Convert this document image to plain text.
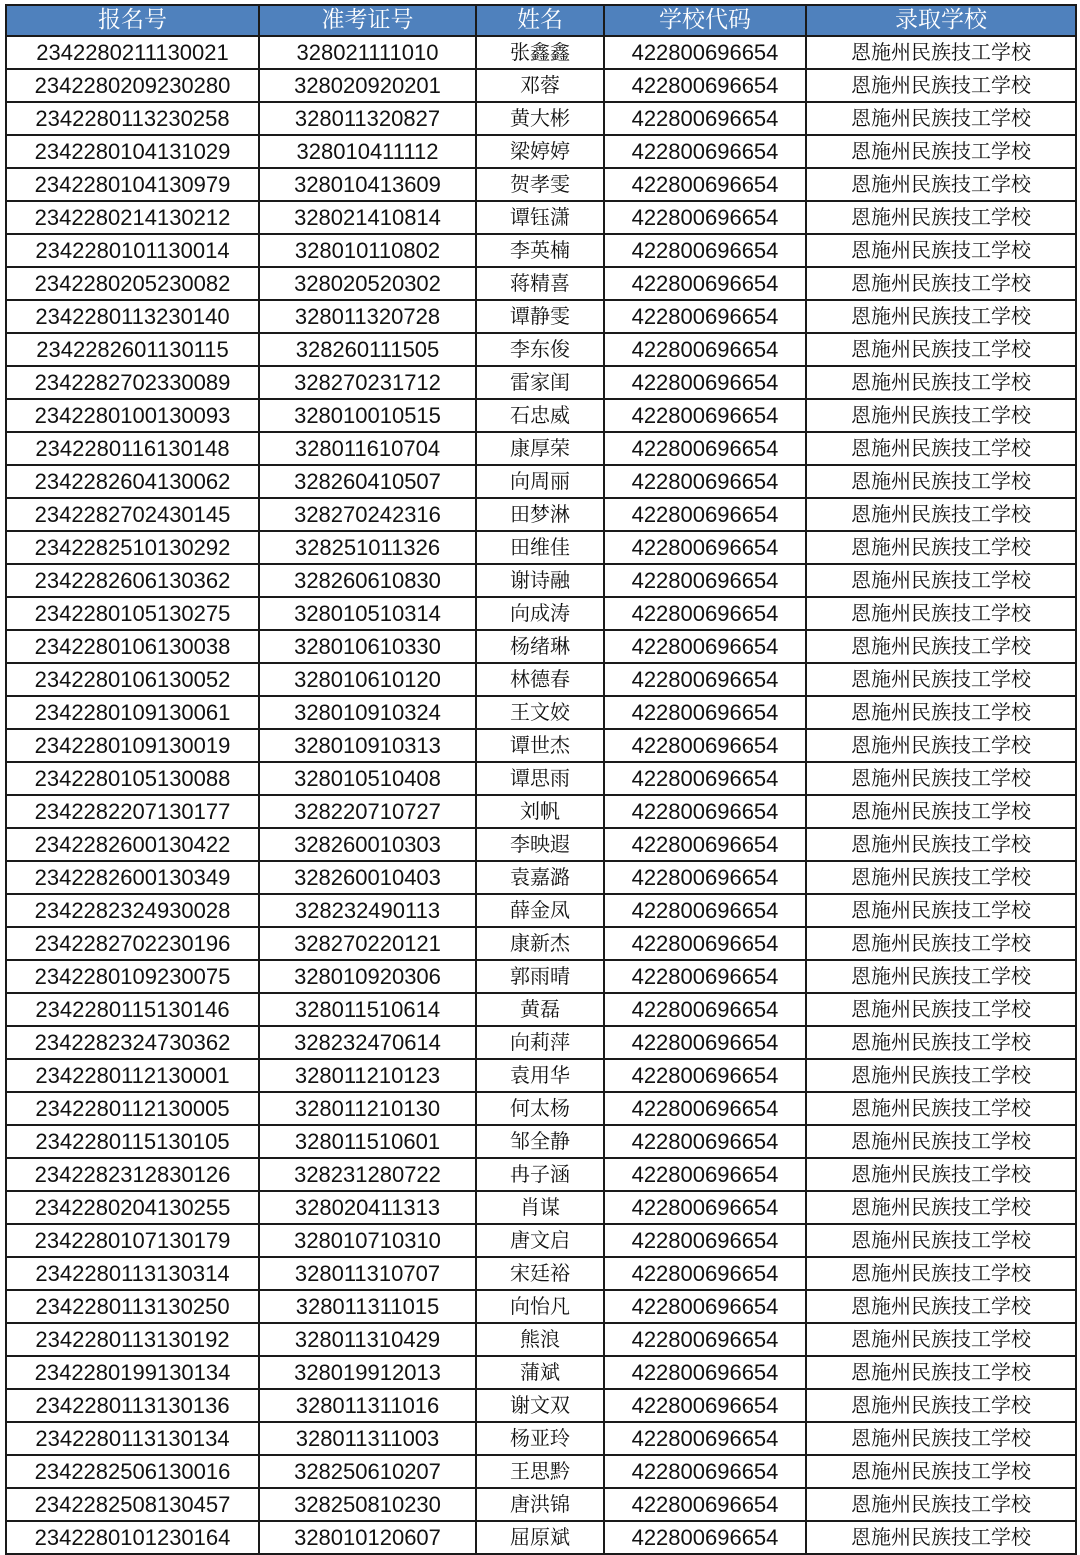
报名号	准考证号	姓名	学校代码	录取学校
2342280211130021	328021111010	张鑫鑫	422800696654	恩施州民族技工学校
2342280209230280	328020920201	邓蓉	422800696654	恩施州民族技工学校
2342280113230258	328011320827	黄大彬	422800696654	恩施州民族技工学校
2342280104131029	328010411112	梁婷婷	422800696654	恩施州民族技工学校
2342280104130979	328010413609	贺孝雯	422800696654	恩施州民族技工学校
2342280214130212	328021410814	谭钰潇	422800696654	恩施州民族技工学校
2342280101130014	328010110802	李英楠	422800696654	恩施州民族技工学校
2342280205230082	328020520302	蒋精喜	422800696654	恩施州民族技工学校
2342280113230140	328011320728	谭静雯	422800696654	恩施州民族技工学校
2342282601130115	328260111505	李东俊	422800696654	恩施州民族技工学校
2342282702330089	328270231712	雷家闺	422800696654	恩施州民族技工学校
2342280100130093	328010010515	石忠威	422800696654	恩施州民族技工学校
2342280116130148	328011610704	康厚荣	422800696654	恩施州民族技工学校
2342282604130062	328260410507	向周丽	422800696654	恩施州民族技工学校
2342282702430145	328270242316	田梦淋	422800696654	恩施州民族技工学校
2342282510130292	328251011326	田维佳	422800696654	恩施州民族技工学校
2342282606130362	328260610830	谢诗融	422800696654	恩施州民族技工学校
2342280105130275	328010510314	向成涛	422800696654	恩施州民族技工学校
2342280106130038	328010610330	杨绪琳	422800696654	恩施州民族技工学校
2342280106130052	328010610120	林德春	422800696654	恩施州民族技工学校
2342280109130061	328010910324	王文姣	422800696654	恩施州民族技工学校
2342280109130019	328010910313	谭世杰	422800696654	恩施州民族技工学校
2342280105130088	328010510408	谭思雨	422800696654	恩施州民族技工学校
2342282207130177	328220710727	刘帆	422800696654	恩施州民族技工学校
2342282600130422	328260010303	李映遐	422800696654	恩施州民族技工学校
2342282600130349	328260010403	袁嘉潞	422800696654	恩施州民族技工学校
2342282324930028	328232490113	薛金凤	422800696654	恩施州民族技工学校
2342282702230196	328270220121	康新杰	422800696654	恩施州民族技工学校
2342280109230075	328010920306	郭雨晴	422800696654	恩施州民族技工学校
2342280115130146	328011510614	黄磊	422800696654	恩施州民族技工学校
2342282324730362	328232470614	向莉萍	422800696654	恩施州民族技工学校
2342280112130001	328011210123	袁用华	422800696654	恩施州民族技工学校
2342280112130005	328011210130	何太杨	422800696654	恩施州民族技工学校
2342280115130105	328011510601	邹全静	422800696654	恩施州民族技工学校
2342282312830126	328231280722	冉子涵	422800696654	恩施州民族技工学校
2342280204130255	328020411313	肖谋	422800696654	恩施州民族技工学校
2342280107130179	328010710310	唐文启	422800696654	恩施州民族技工学校
2342280113130314	328011310707	宋廷裕	422800696654	恩施州民族技工学校
2342280113130250	328011311015	向怡凡	422800696654	恩施州民族技工学校
2342280113130192	328011310429	熊浪	422800696654	恩施州民族技工学校
2342280199130134	328019912013	蒲斌	422800696654	恩施州民族技工学校
2342280113130136	328011311016	谢文双	422800696654	恩施州民族技工学校
2342280113130134	328011311003	杨亚玲	422800696654	恩施州民族技工学校
2342282506130016	328250610207	王思黔	422800696654	恩施州民族技工学校
2342282508130457	328250810230	唐洪锦	422800696654	恩施州民族技工学校
2342280101230164	328010120607	屈原斌	422800696654	恩施州民族技工学校
